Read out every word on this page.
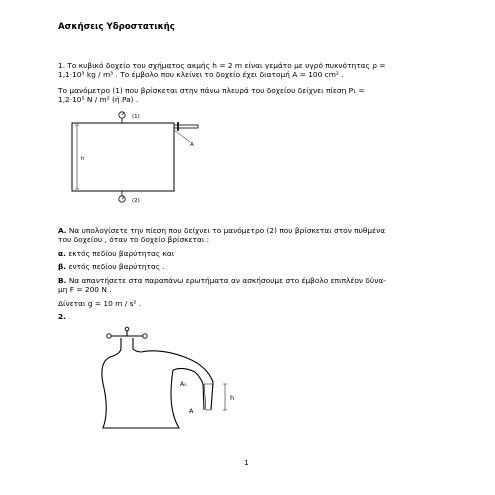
Ασκήσεις Υδροστατικής

1. Το κυβικό δοχείο του σχήματος ακμής h = 2 m είναι γεμάτο με υγρό πυκνότητας ρ =

1,1·10³ kg / m³ . Το έμβολο που κλείνει το δοχείο έχει διατομή Α = 100 cm² .

Το μανόμετρο (1) που βρίσκεται στην πάνω πλευρά του δοχείου δείχνει πίεση P₁ =

1,2·10⁵ N / m² (ή Pa) .

(1)
(2)
h
A

Α. Να υπολογίσετε την πίεση που δείχνει το μανόμετρο (2) που βρίσκεται στον πυθμένα

του δοχείου , όταν το δοχείο βρίσκεται :

α. εκτός πεδίου βαρύτητας και

β. εντός πεδίου βαρύτητας .

Β. Να απαντήσετε στα παραπάνω ερωτήματα αν ασκήσουμε στο έμβολο επιπλέον δύνα-

μη F = 200 N .

Δίνεται g = 10 m / s² .

2.

A₀
A
h

1
